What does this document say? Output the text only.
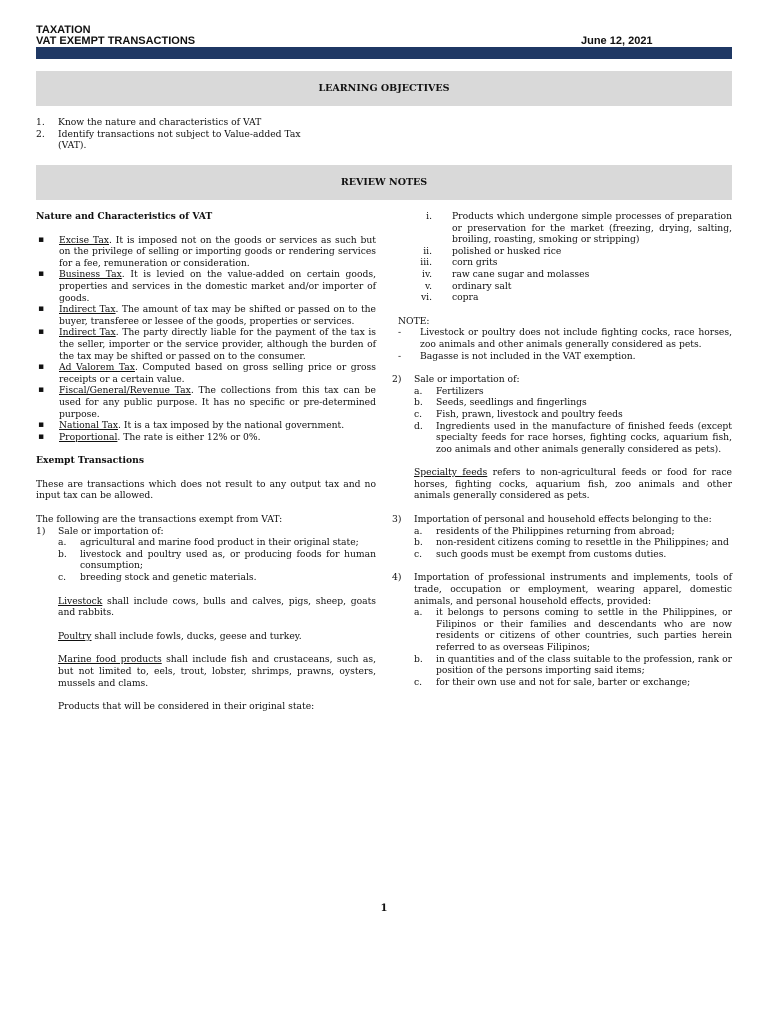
TAXATION
VAT EXEMPT TRANSACTIONS	June 12, 2021
LEARNING OBJECTIVES
1. Know the nature and characteristics of VAT
2. Identify transactions not subject to Value-added Tax (VAT).
REVIEW NOTES
Nature and Characteristics of VAT
▪ Excise Tax. It is imposed not on the goods or services as such but on the privilege of selling or importing goods or rendering services for a fee, remuneration or consideration.
▪ Business Tax. It is levied on the value-added on certain goods, properties and services in the domestic market and/or importer of goods.
▪ Indirect Tax. The amount of tax may be shifted or passed on to the buyer, transferee or lessee of the goods, properties or services.
▪ Indirect Tax. The party directly liable for the payment of the tax is the seller, importer or the service provider, although the burden of the tax may be shifted or passed on to the consumer.
▪ Ad Valorem Tax. Computed based on gross selling price or gross receipts or a certain value.
▪ Fiscal/General/Revenue Tax. The collections from this tax can be used for any public purpose. It has no specific or pre-determined purpose.
▪ National Tax. It is a tax imposed by the national government.
▪ Proportional. The rate is either 12% or 0%.
Exempt Transactions

These are transactions which does not result to any output tax and no input tax can be allowed.

The following are the transactions exempt from VAT:

1) Sale or importation of:
a. agricultural and marine food product in their original state;
b. livestock and poultry used as, or producing foods for human consumption;
c. breeding stock and genetic materials.

Livestock shall include cows, bulls and calves, pigs, sheep, goats and rabbits.

Poultry shall include fowls, ducks, geese and turkey.

Marine food products shall include fish and crustaceans, such as, but not limited to, eels, trout, lobster, shrimps, prawns, oysters, mussels and clams.

Products that will be considered in their original state:

i. Products which undergone simple processes of preparation or preservation for the market (freezing, drying, salting, broiling, roasting, smoking or stripping)
ii. polished or husked rice
iii. corn grits
iv. raw cane sugar and molasses
v. ordinary salt
vi. copra
NOTE:
- Livestock or poultry does not include fighting cocks, race horses, zoo animals and other animals generally considered as pets.
- Bagasse is not included in the VAT exemption.
2) Sale or importation of:
a. Fertilizers
b. Seeds, seedlings and fingerlings
c. Fish, prawn, livestock and poultry feeds
d. Ingredients used in the manufacture of finished feeds (except specialty feeds for race horses, fighting cocks, aquarium fish, zoo animals and other animals generally considered as pets).

Specialty feeds refers to non-agricultural feeds or food for race horses, fighting cocks, aquarium fish, zoo animals and other animals generally considered as pets.

3) Importation of personal and household effects belonging to the:
a. residents of the Philippines returning from abroad;
b. non-resident citizens coming to resettle in the Philippines; and
c. such goods must be exempt from customs duties.
4) Importation of professional instruments and implements, tools of trade, occupation or employment, wearing apparel, domestic animals, and personal household effects, provided:
a. it belongs to persons coming to settle in the Philippines, or Filipinos or their families and descendants who are now residents or citizens of other countries, such parties herein referred to as overseas Filipinos;
b. in quantities and of the class suitable to the profession, rank or position of the persons importing said items;
c. for their own use and not for sale, barter or exchange;
1
